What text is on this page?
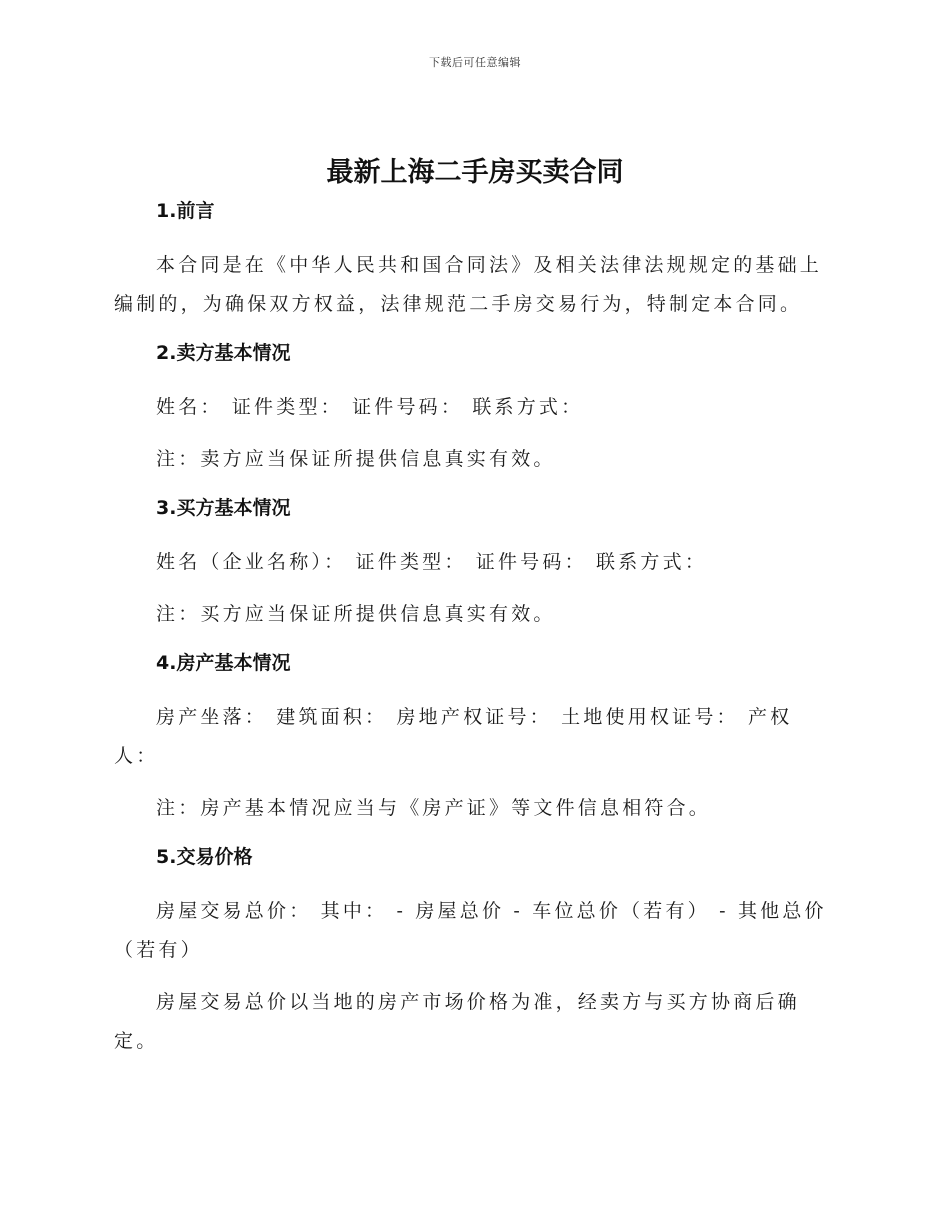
下载后可任意编辑
最新上海二手房买卖合同
1.前言

本合同是在《中华人民共和国合同法》及相关法律法规规定的基础上编制的，为确保双方权益，法律规范二手房交易行为，特制定本合同。

2.卖方基本情况

姓名： 证件类型： 证件号码： 联系方式：

注：卖方应当保证所提供信息真实有效。

3.买方基本情况

姓名（企业名称）： 证件类型： 证件号码： 联系方式：

注：买方应当保证所提供信息真实有效。

4.房产基本情况

房产坐落： 建筑面积： 房地产权证号： 土地使用权证号： 产权人：

注：房产基本情况应当与《房产证》等文件信息相符合。

5.交易价格

房屋交易总价： 其中： - 房屋总价 - 车位总价（若有） - 其他总价（若有）

房屋交易总价以当地的房产市场价格为准，经卖方与买方协商后确定。
